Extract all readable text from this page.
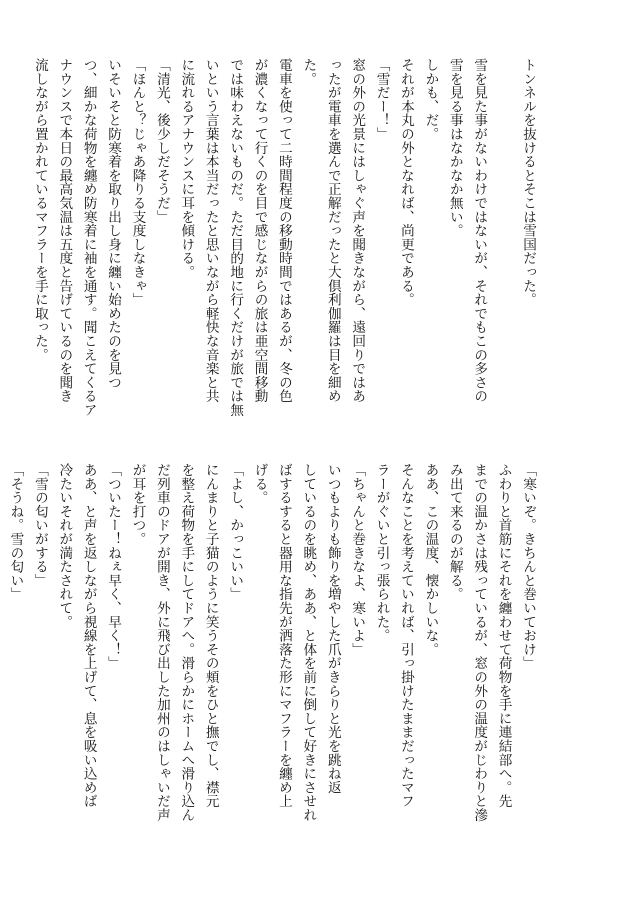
トンネルを抜けるとそこは雪国だった。

雪を見た事がないわけではないが、それでもこの多さの
雪を見る事はなかなか無い。
しかも、だ。
それが本丸の外となれば、尚更である。
「雪だー！」
窓の外の光景にはしゃぐ声を聞きながら、遠回りではあ
ったが電車を選んで正解だったと大倶利伽羅は目を細め
た。
電車を使って二時間程度の移動時間ではあるが、冬の色
が濃くなって行くのを目で感じながらの旅は亜空間移動
では味わえないものだ。ただ目的地に行くだけが旅では無
いという言葉は本当だったと思いながら軽快な音楽と共
に流れるアナウンスに耳を傾ける。
「清光、後少しだそうだ」
「ほんと？じゃあ降りる支度しなきゃ」
いそいそと防寒着を取り出し身に纏い始めたのを見つ
つ、細かな荷物を纏め防寒着に袖を通す。聞こえてくるア
ナウンスで本日の最高気温は五度と告げているのを聞き
流しながら置かれているマフラーを手に取った。
「寒いぞ。きちんと巻いておけ」
ふわりと首筋にそれを纏わせて荷物を手に連結部へ。先
までの温かさは残っているが、窓の外の温度がじわりと滲
み出て来るのが解る。
ああ、この温度、懐かしいな。
そんなことを考えていれば、引っ掛けたままだったマフ
ラーがぐいと引っ張られた。
「ちゃんと巻きなよ、寒いよ」
いつもよりも飾りを増やした爪がきらりと光を跳ね返
しているのを眺め、ああ、と体を前に倒して好きにさせれ
ばするすると器用な指先が洒落た形にマフラーを纏め上
げる。
「よし、かっこいい」
にんまりと子猫のように笑うその頬をひと撫でし、襟元
を整え荷物を手にしてドアへ。滑らかにホームへ滑り込ん
だ列車のドアが開き、外に飛び出した加州のはしゃいだ声
が耳を打つ。
「ついたー！ねぇ早く、早く！」
ああ、と声を返しながら視線を上げて、息を吸い込めば
冷たいそれが満たされて。
「雪の匂いがする」
「そうね。雪の匂い」
